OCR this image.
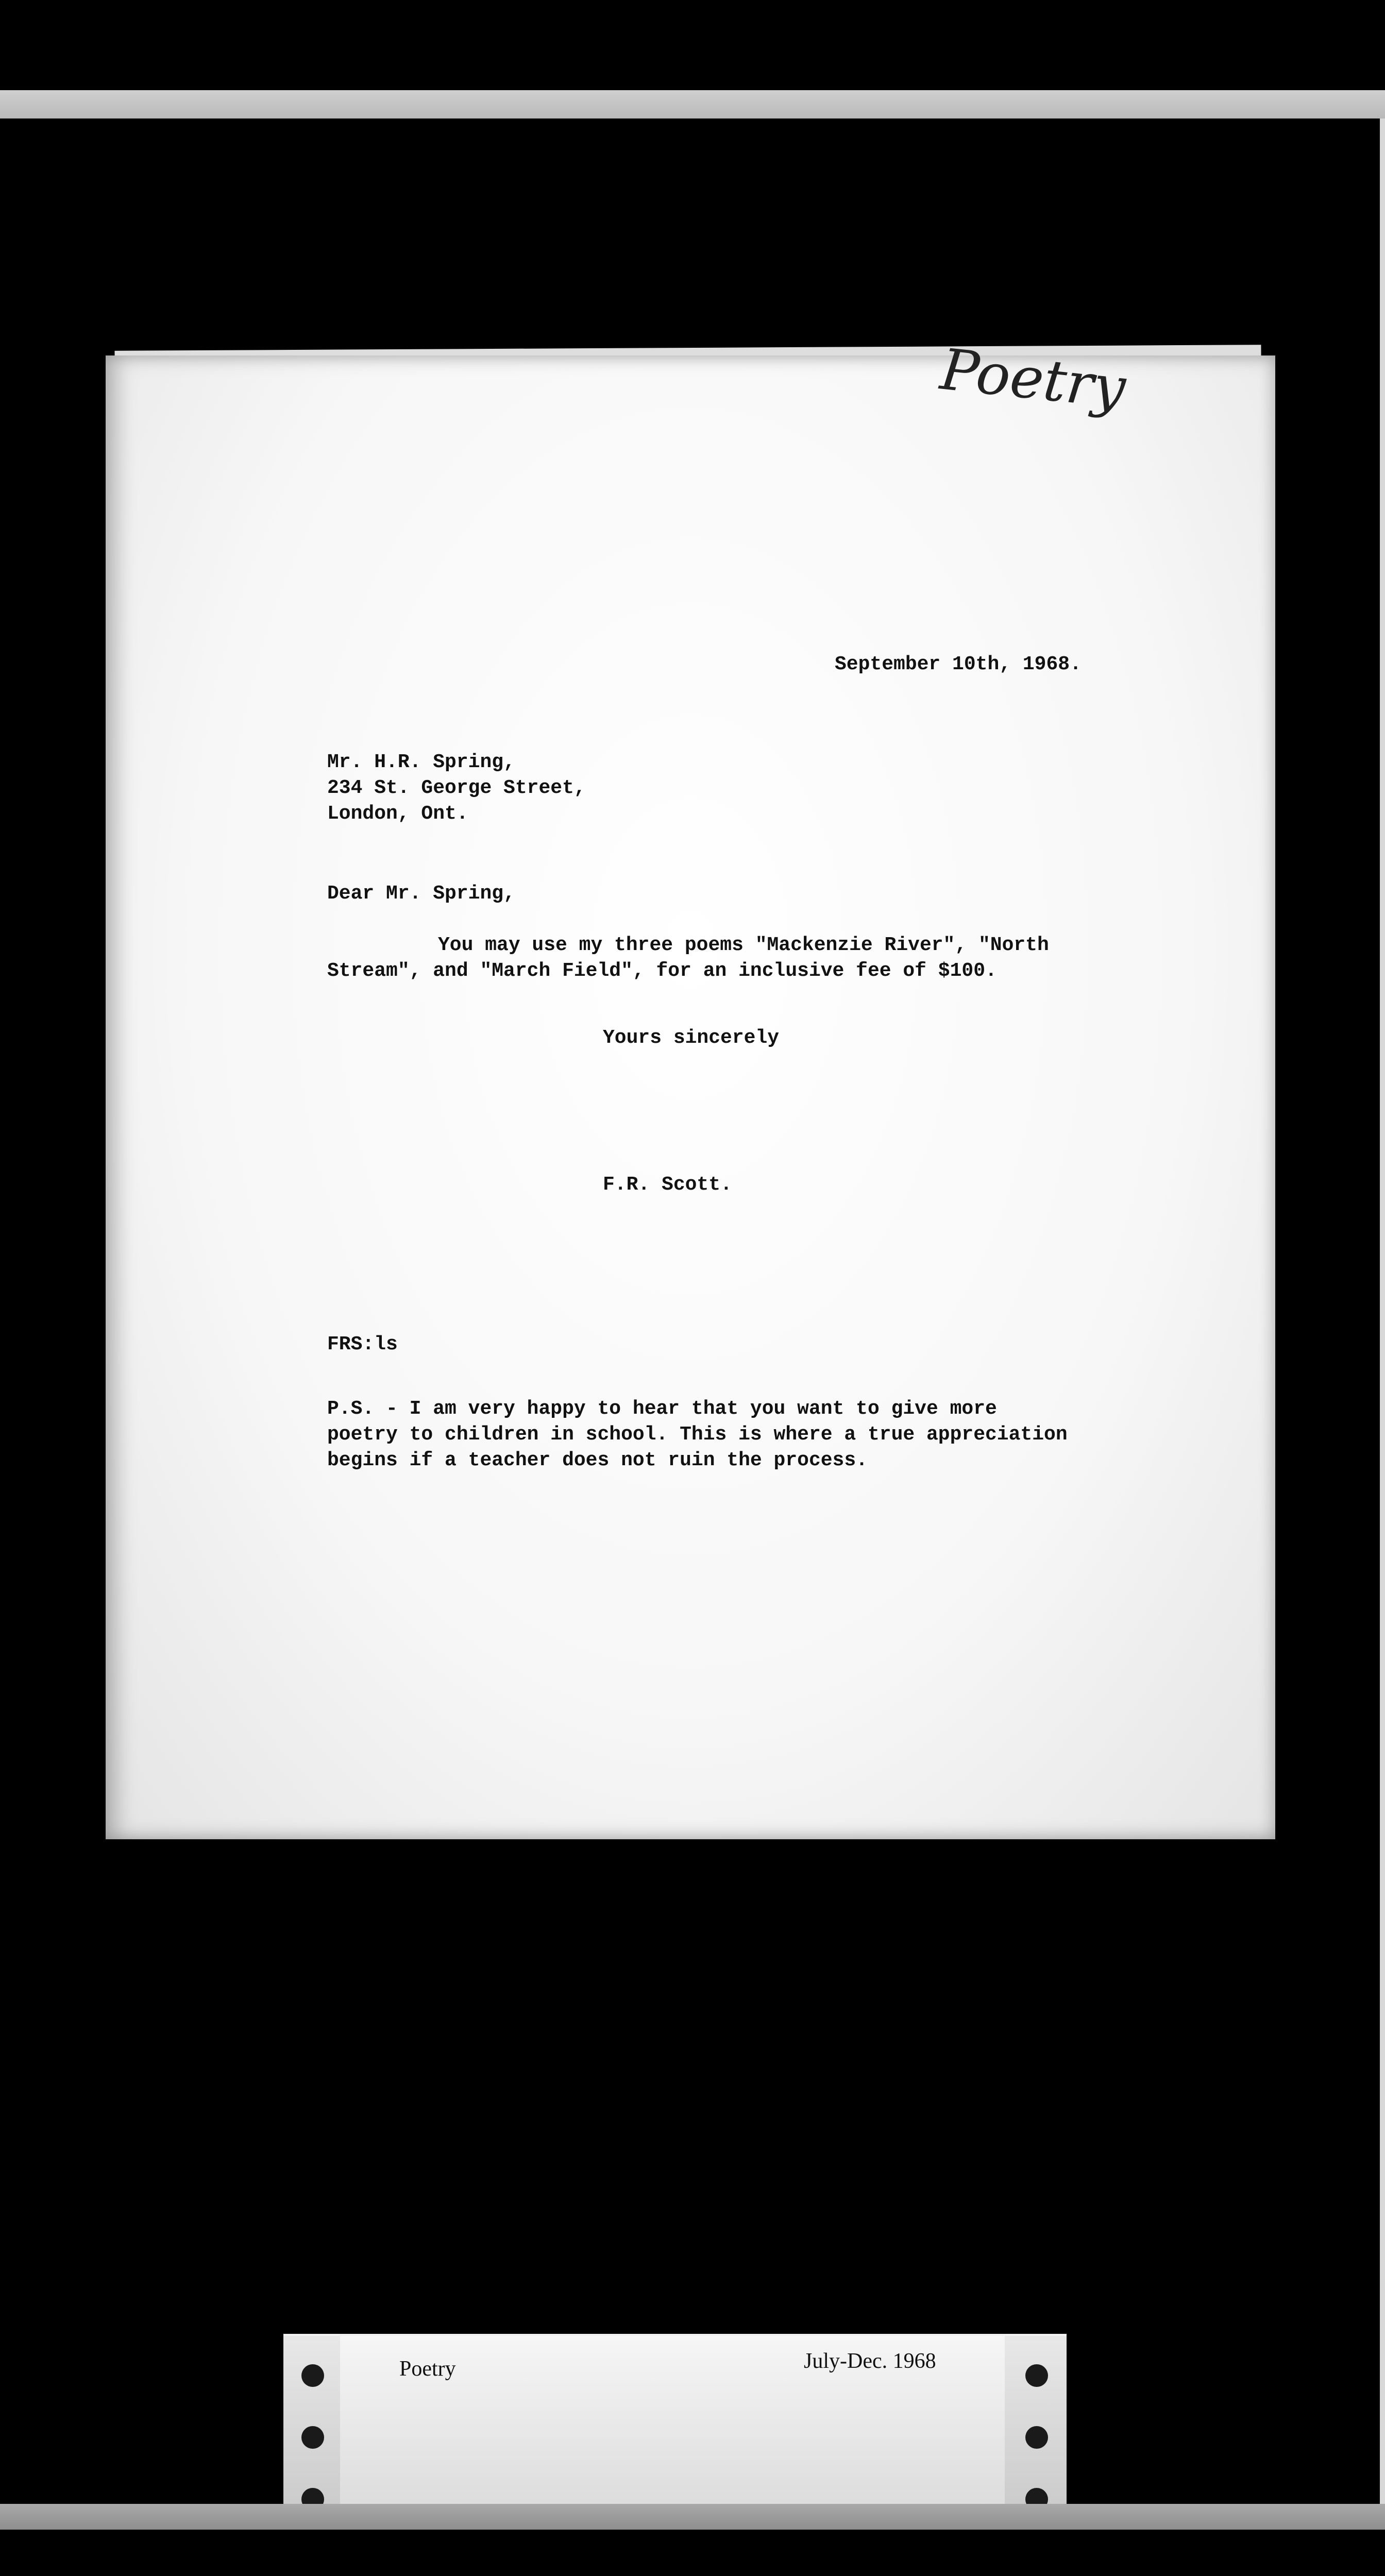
Poetry
September 10th, 1968.
Mr. H.R. Spring,
234 St. George Street,
London, Ont.
Dear Mr. Spring,
You may use my three poems "Mackenzie River", "North
Stream", and "March Field", for an inclusive fee of $100.
Yours sincerely
F.R. Scott.
FRS:ls
P.S. - I am very happy to hear that you want to give more
poetry to children in school. This is where a true appreciation
begins if a teacher does not ruin the process.
Poetry	July-Dec. 1968
